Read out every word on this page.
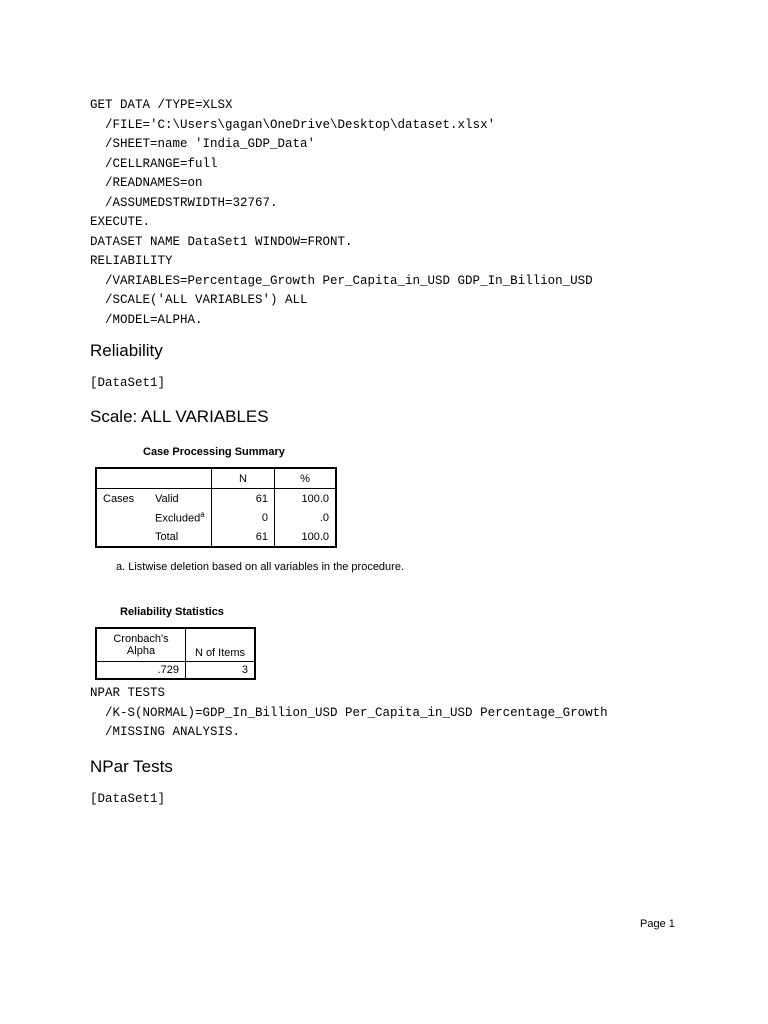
GET DATA /TYPE=XLSX
/FILE='C:\Users\gagan\OneDrive\Desktop\dataset.xlsx'
/SHEET=name 'India_GDP_Data'
/CELLRANGE=full
/READNAMES=on
/ASSUMEDSTRWIDTH=32767.
EXECUTE.
DATASET NAME DataSet1 WINDOW=FRONT.
RELIABILITY
/VARIABLES=Percentage_Growth Per_Capita_in_USD GDP_In_Billion_USD
/SCALE('ALL VARIABLES') ALL
/MODEL=ALPHA.
Reliability
[DataSet1]
Scale: ALL VARIABLES
Case Processing Summary
		N	%
Cases	Valid	61	100.0
	Excluded$^a$	0	.0
	Total	61	100.0
a. Listwise deletion based on all variables in the procedure.
Reliability Statistics
Cronbach's
Alpha	N of Items
.729	3
NPAR TESTS
/K-S(NORMAL)=GDP_In_Billion_USD Per_Capita_in_USD Percentage_Growth
/MISSING ANALYSIS.
NPar Tests
[DataSet1]
Page 1
